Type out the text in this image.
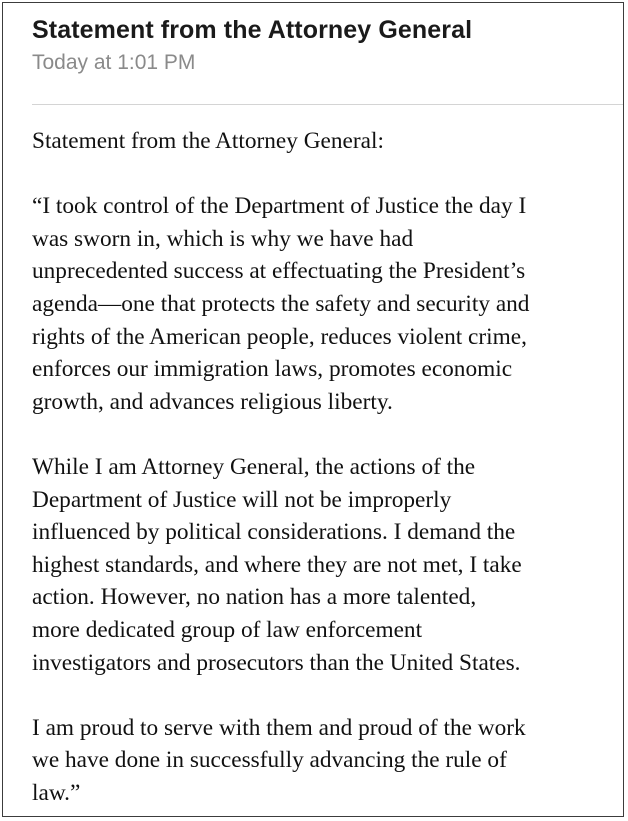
Statement from the Attorney General
Today at 1:01 PM

Statement from the Attorney General:

“I took control of the Department of Justice the day I
was sworn in, which is why we have had
unprecedented success at effectuating the President’s
agenda—one that protects the safety and security and
rights of the American people, reduces violent crime,
enforces our immigration laws, promotes economic
growth, and advances religious liberty.

While I am Attorney General, the actions of the
Department of Justice will not be improperly
influenced by political considerations. I demand the
highest standards, and where they are not met, I take
action. However, no nation has a more talented,
more dedicated group of law enforcement
investigators and prosecutors than the United States.

I am proud to serve with them and proud of the work
we have done in successfully advancing the rule of
law.”
